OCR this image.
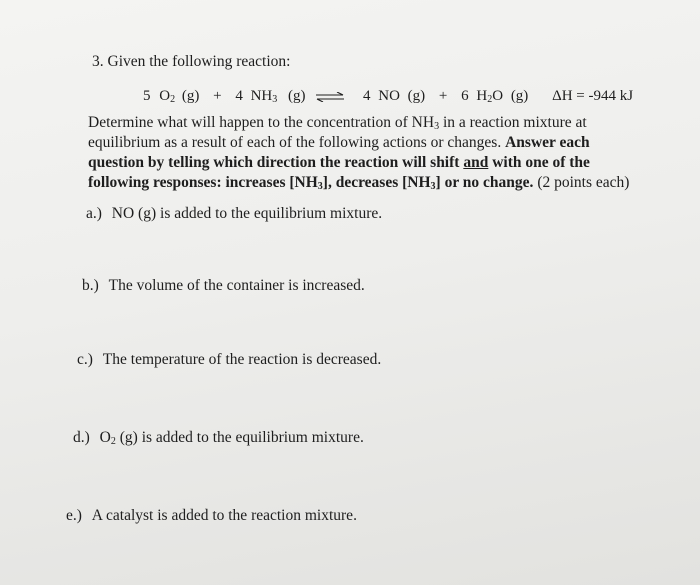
3. Given the following reaction:
5 $O_2$ (g) + 4 $NH_3$ (g) ⇌ 4 NO (g) + 6 $H_2O$ (g) ΔH = -944 kJ
Determine what will happen to the concentration of $NH_3$ in a reaction mixture at
equilibrium as a result of each of the following actions or changes. Answer each
question by telling which direction the reaction will shift and with one of the
following responses: increases $[NH_3]$, decreases $[NH_3]$ or no change. (2 points each)
a.) NO (g) is added to the equilibrium mixture.
b.) The volume of the container is increased.
c.) The temperature of the reaction is decreased.
d.) $O_2$ (g) is added to the equilibrium mixture.
e.) A catalyst is added to the reaction mixture.
